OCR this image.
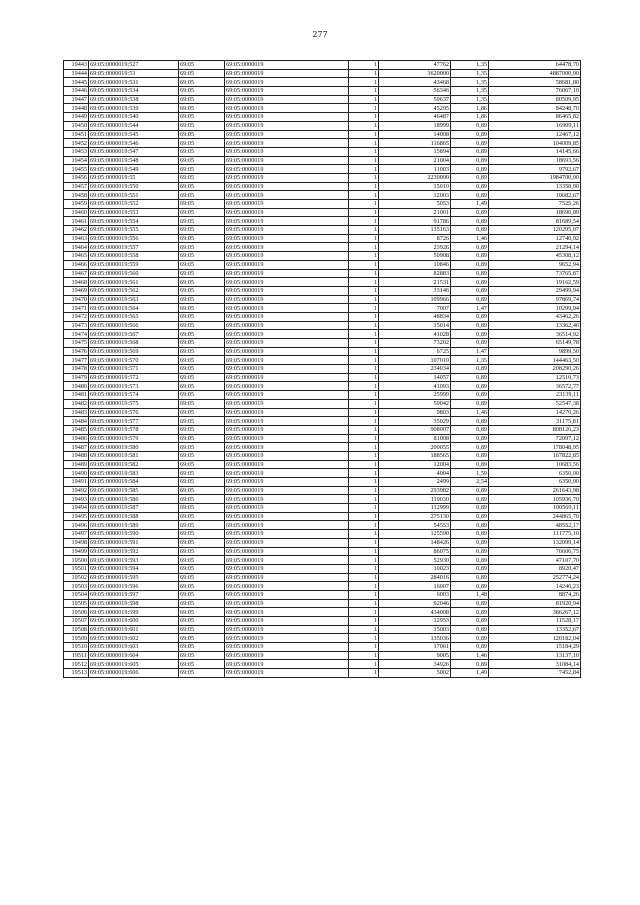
277
19443	69:05:0000019:527	69:05	69:05:0000019	1	47762	1,35	64478,70
19444	69:05:0000019:53	69:05	69:05:0000019	1	3620000	1,35	4887000,00
19445	69:05:0000019:531	69:05	69:05:0000019	1	43468	1,35	58681,80
19446	69:05:0000019:534	69:05	69:05:0000019	1	56346	1,35	76067,10
19447	69:05:0000019:538	69:05	69:05:0000019	1	59637	1,35	80509,95
19448	69:05:0000019:539	69:05	69:05:0000019	1	45295	1,86	84248,70
19449	69:05:0000019:540	69:05	69:05:0000019	1	46487	1,86	86465,82
19450	69:05:0000019:544	69:05	69:05:0000019	1	18999	0,89	16909,11
19451	69:05:0000019:545	69:05	69:05:0000019	1	14008	0,89	12467,12
19452	69:05:0000019:546	69:05	69:05:0000019	1	116865	0,89	104009,85
19453	69:05:0000019:547	69:05	69:05:0000019	1	15894	0,89	14145,66
19454	69:05:0000019:548	69:05	69:05:0000019	1	21004	0,89	18693,56
19455	69:05:0000019:549	69:05	69:05:0000019	1	11003	0,89	9792,67
19456	69:05:0000019:55	69:05	69:05:0000019	1	2230000	0,89	1984700,00
19457	69:05:0000019:550	69:05	69:05:0000019	1	15010	0,89	13358,90
19458	69:05:0000019:551	69:05	69:05:0000019	1	12003	0,89	10682,67
19459	69:05:0000019:552	69:05	69:05:0000019	1	5053	1,49	7525,26
19460	69:05:0000019:553	69:05	69:05:0000019	1	21001	0,89	18690,89
19461	69:05:0000019:554	69:05	69:05:0000019	1	91786	0,89	81689,54
19462	69:05:0000019:555	69:05	69:05:0000019	1	135163	0,89	120295,07
19463	69:05:0000019:556	69:05	69:05:0000019	1	8726	1,46	12740,92
19464	69:05:0000019:557	69:05	69:05:0000019	1	23926	0,89	21294,14
19465	69:05:0000019:558	69:05	69:05:0000019	1	50908	0,89	45308,12
19466	69:05:0000019:559	69:05	69:05:0000019	1	10846	0,89	9652,94
19467	69:05:0000019:560	69:05	69:05:0000019	1	82883	0,89	73765,87
19468	69:05:0000019:561	69:05	69:05:0000019	1	21531	0,89	19162,59
19469	69:05:0000019:562	69:05	69:05:0000019	1	33146	0,89	29499,94
19470	69:05:0000019:563	69:05	69:05:0000019	1	109966	0,89	97869,74
19471	69:05:0000019:564	69:05	69:05:0000019	1	7007	1,47	10299,94
19472	69:05:0000019:565	69:05	69:05:0000019	1	48834	0,89	43462,26
19473	69:05:0000019:566	69:05	69:05:0000019	1	15014	0,89	13362,46
19474	69:05:0000019:567	69:05	69:05:0000019	1	41028	0,89	36514,92
19475	69:05:0000019:568	69:05	69:05:0000019	1	73202	0,89	65149,78
19476	69:05:0000019:569	69:05	69:05:0000019	1	6725	1,47	9899,50
19477	69:05:0000019:570	69:05	69:05:0000019	1	107010	1,35	144463,50
19478	69:05:0000019:571	69:05	69:05:0000019	1	234034	0,89	208290,26
19479	69:05:0000019:572	69:05	69:05:0000019	1	14057	0,89	12510,73
19480	69:05:0000019:573	69:05	69:05:0000019	1	41093	0,89	36572,77
19481	69:05:0000019:574	69:05	69:05:0000019	1	25999	0,89	23139,11
19482	69:05:0000019:575	69:05	69:05:0000019	1	59042	0,89	52547,38
19483	69:05:0000019:576	69:05	69:05:0000019	1	9803	1,46	14270,26
19484	69:05:0000019:577	69:05	69:05:0000019	1	35029	0,89	31175,81
19485	69:05:0000019:578	69:05	69:05:0000019	1	908007	0,89	808126,23
19486	69:05:0000019:579	69:05	69:05:0000019	1	81008	0,89	72097,12
19487	69:05:0000019:580	69:05	69:05:0000019	1	200055	0,89	178048,95
19488	69:05:0000019:581	69:05	69:05:0000019	1	188565	0,89	167822,85
19489	69:05:0000019:582	69:05	69:05:0000019	1	12004	0,89	10683,56
19490	69:05:0000019:583	69:05	69:05:0000019	1	4004	1,59	6350,00
19491	69:05:0000019:584	69:05	69:05:0000019	1	2499	2,54	6350,00
19492	69:05:0000019:585	69:05	69:05:0000019	1	293982	0,89	261643,98
19493	69:05:0000019:586	69:05	69:05:0000019	1	119030	0,89	105936,70
19494	69:05:0000019:587	69:05	69:05:0000019	1	112999	0,89	100569,11
19495	69:05:0000019:588	69:05	69:05:0000019	1	275130	0,89	244865,70
19496	69:05:0000019:589	69:05	69:05:0000019	1	54553	0,89	48552,17
19497	69:05:0000019:590	69:05	69:05:0000019	1	125590	0,89	111775,10
19498	69:05:0000019:591	69:05	69:05:0000019	1	148426	0,89	132099,14
19499	69:05:0000019:592	69:05	69:05:0000019	1	86075	0,89	76606,75
19500	69:05:0000019:593	69:05	69:05:0000019	1	52930	0,89	47107,70
19501	69:05:0000019:594	69:05	69:05:0000019	1	10023	0,89	8920,47
19502	69:05:0000019:595	69:05	69:05:0000019	1	284016	0,89	252774,24
19503	69:05:0000019:596	69:05	69:05:0000019	1	16007	0,89	14246,23
19504	69:05:0000019:597	69:05	69:05:0000019	1	6003	1,48	8874,26
19505	69:05:0000019:598	69:05	69:05:0000019	1	92046	0,89	81920,94
19506	69:05:0000019:599	69:05	69:05:0000019	1	434008	0,89	386267,12
19507	69:05:0000019:600	69:05	69:05:0000019	1	12953	0,89	11528,17
19508	69:05:0000019:601	69:05	69:05:0000019	1	15003	0,89	13352,67
19509	69:05:0000019:602	69:05	69:05:0000019	1	135036	0,89	120182,04
19510	69:05:0000019:603	69:05	69:05:0000019	1	17061	0,89	15184,29
19511	69:05:0000019:604	69:05	69:05:0000019	1	9005	1,46	13137,10
19512	69:05:0000019:605	69:05	69:05:0000019	1	34926	0,89	31084,14
19513	69:05:0000019:606	69:05	69:05:0000019	1	5002	1,49	7452,84
